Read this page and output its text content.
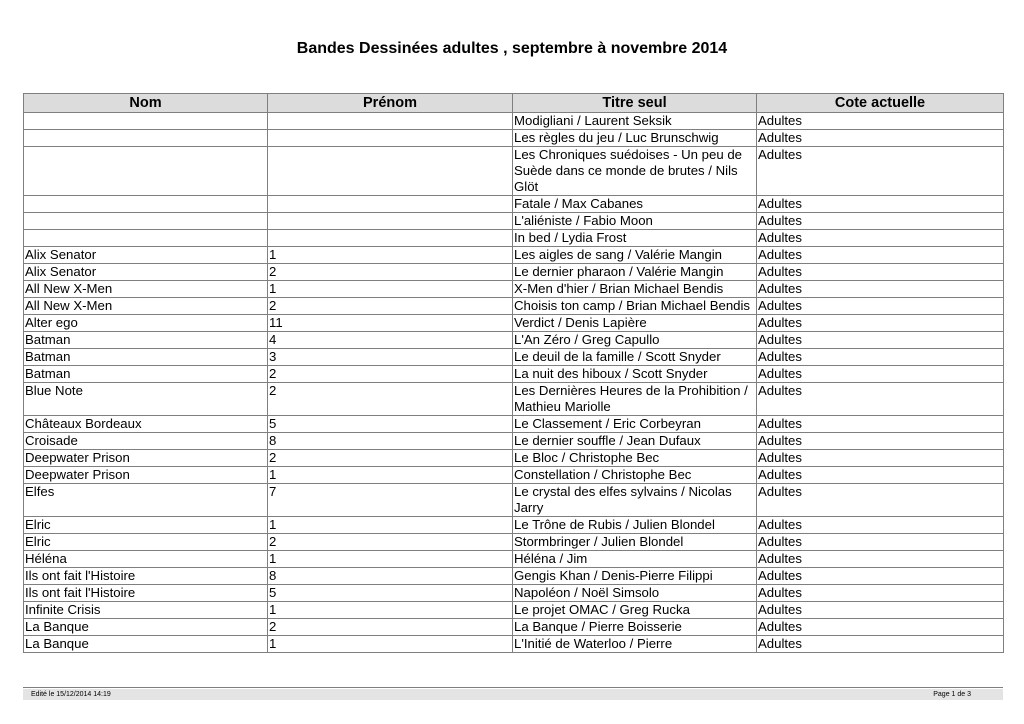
Bandes Dessinées adultes , septembre à novembre 2014
Nom	Prénom	Titre seul	Cote actuelle
		Modigliani / Laurent Seksik	Adultes
		Les règles du jeu / Luc Brunschwig	Adultes
		Les Chroniques suédoises - Un peu de Suède dans ce monde de brutes / Nils Glöt	Adultes
		Fatale / Max Cabanes	Adultes
		L'aliéniste / Fabio Moon	Adultes
		In bed / Lydia Frost	Adultes
Alix Senator	1	Les aigles de sang / Valérie Mangin	Adultes
Alix Senator	2	Le dernier pharaon / Valérie Mangin	Adultes
All New X-Men	1	X-Men d'hier / Brian Michael Bendis	Adultes
All New X-Men	2	Choisis ton camp / Brian Michael Bendis	Adultes
Alter ego	11	Verdict / Denis Lapière	Adultes
Batman	4	L'An Zéro / Greg Capullo	Adultes
Batman	3	Le deuil de la famille / Scott Snyder	Adultes
Batman	2	La nuit des hiboux / Scott Snyder	Adultes
Blue Note	2	Les Dernières Heures de la Prohibition / Mathieu Mariolle	Adultes
Châteaux Bordeaux	5	Le Classement / Eric Corbeyran	Adultes
Croisade	8	Le dernier souffle / Jean Dufaux	Adultes
Deepwater Prison	2	Le Bloc / Christophe Bec	Adultes
Deepwater Prison	1	Constellation / Christophe Bec	Adultes
Elfes	7	Le crystal des elfes sylvains / Nicolas Jarry	Adultes
Elric	1	Le Trône de Rubis / Julien Blondel	Adultes
Elric	2	Stormbringer / Julien Blondel	Adultes
Héléna	1	Héléna / Jim	Adultes
Ils ont fait l'Histoire	8	Gengis Khan / Denis-Pierre Filippi	Adultes
Ils ont fait l'Histoire	5	Napoléon / Noël Simsolo	Adultes
Infinite Crisis	1	Le projet OMAC / Greg Rucka	Adultes
La Banque	2	La Banque / Pierre Boisserie	Adultes
La Banque	1	L'Initié de Waterloo / Pierre	Adultes
Edité le 15/12/2014 14:19	Page 1 de 3
